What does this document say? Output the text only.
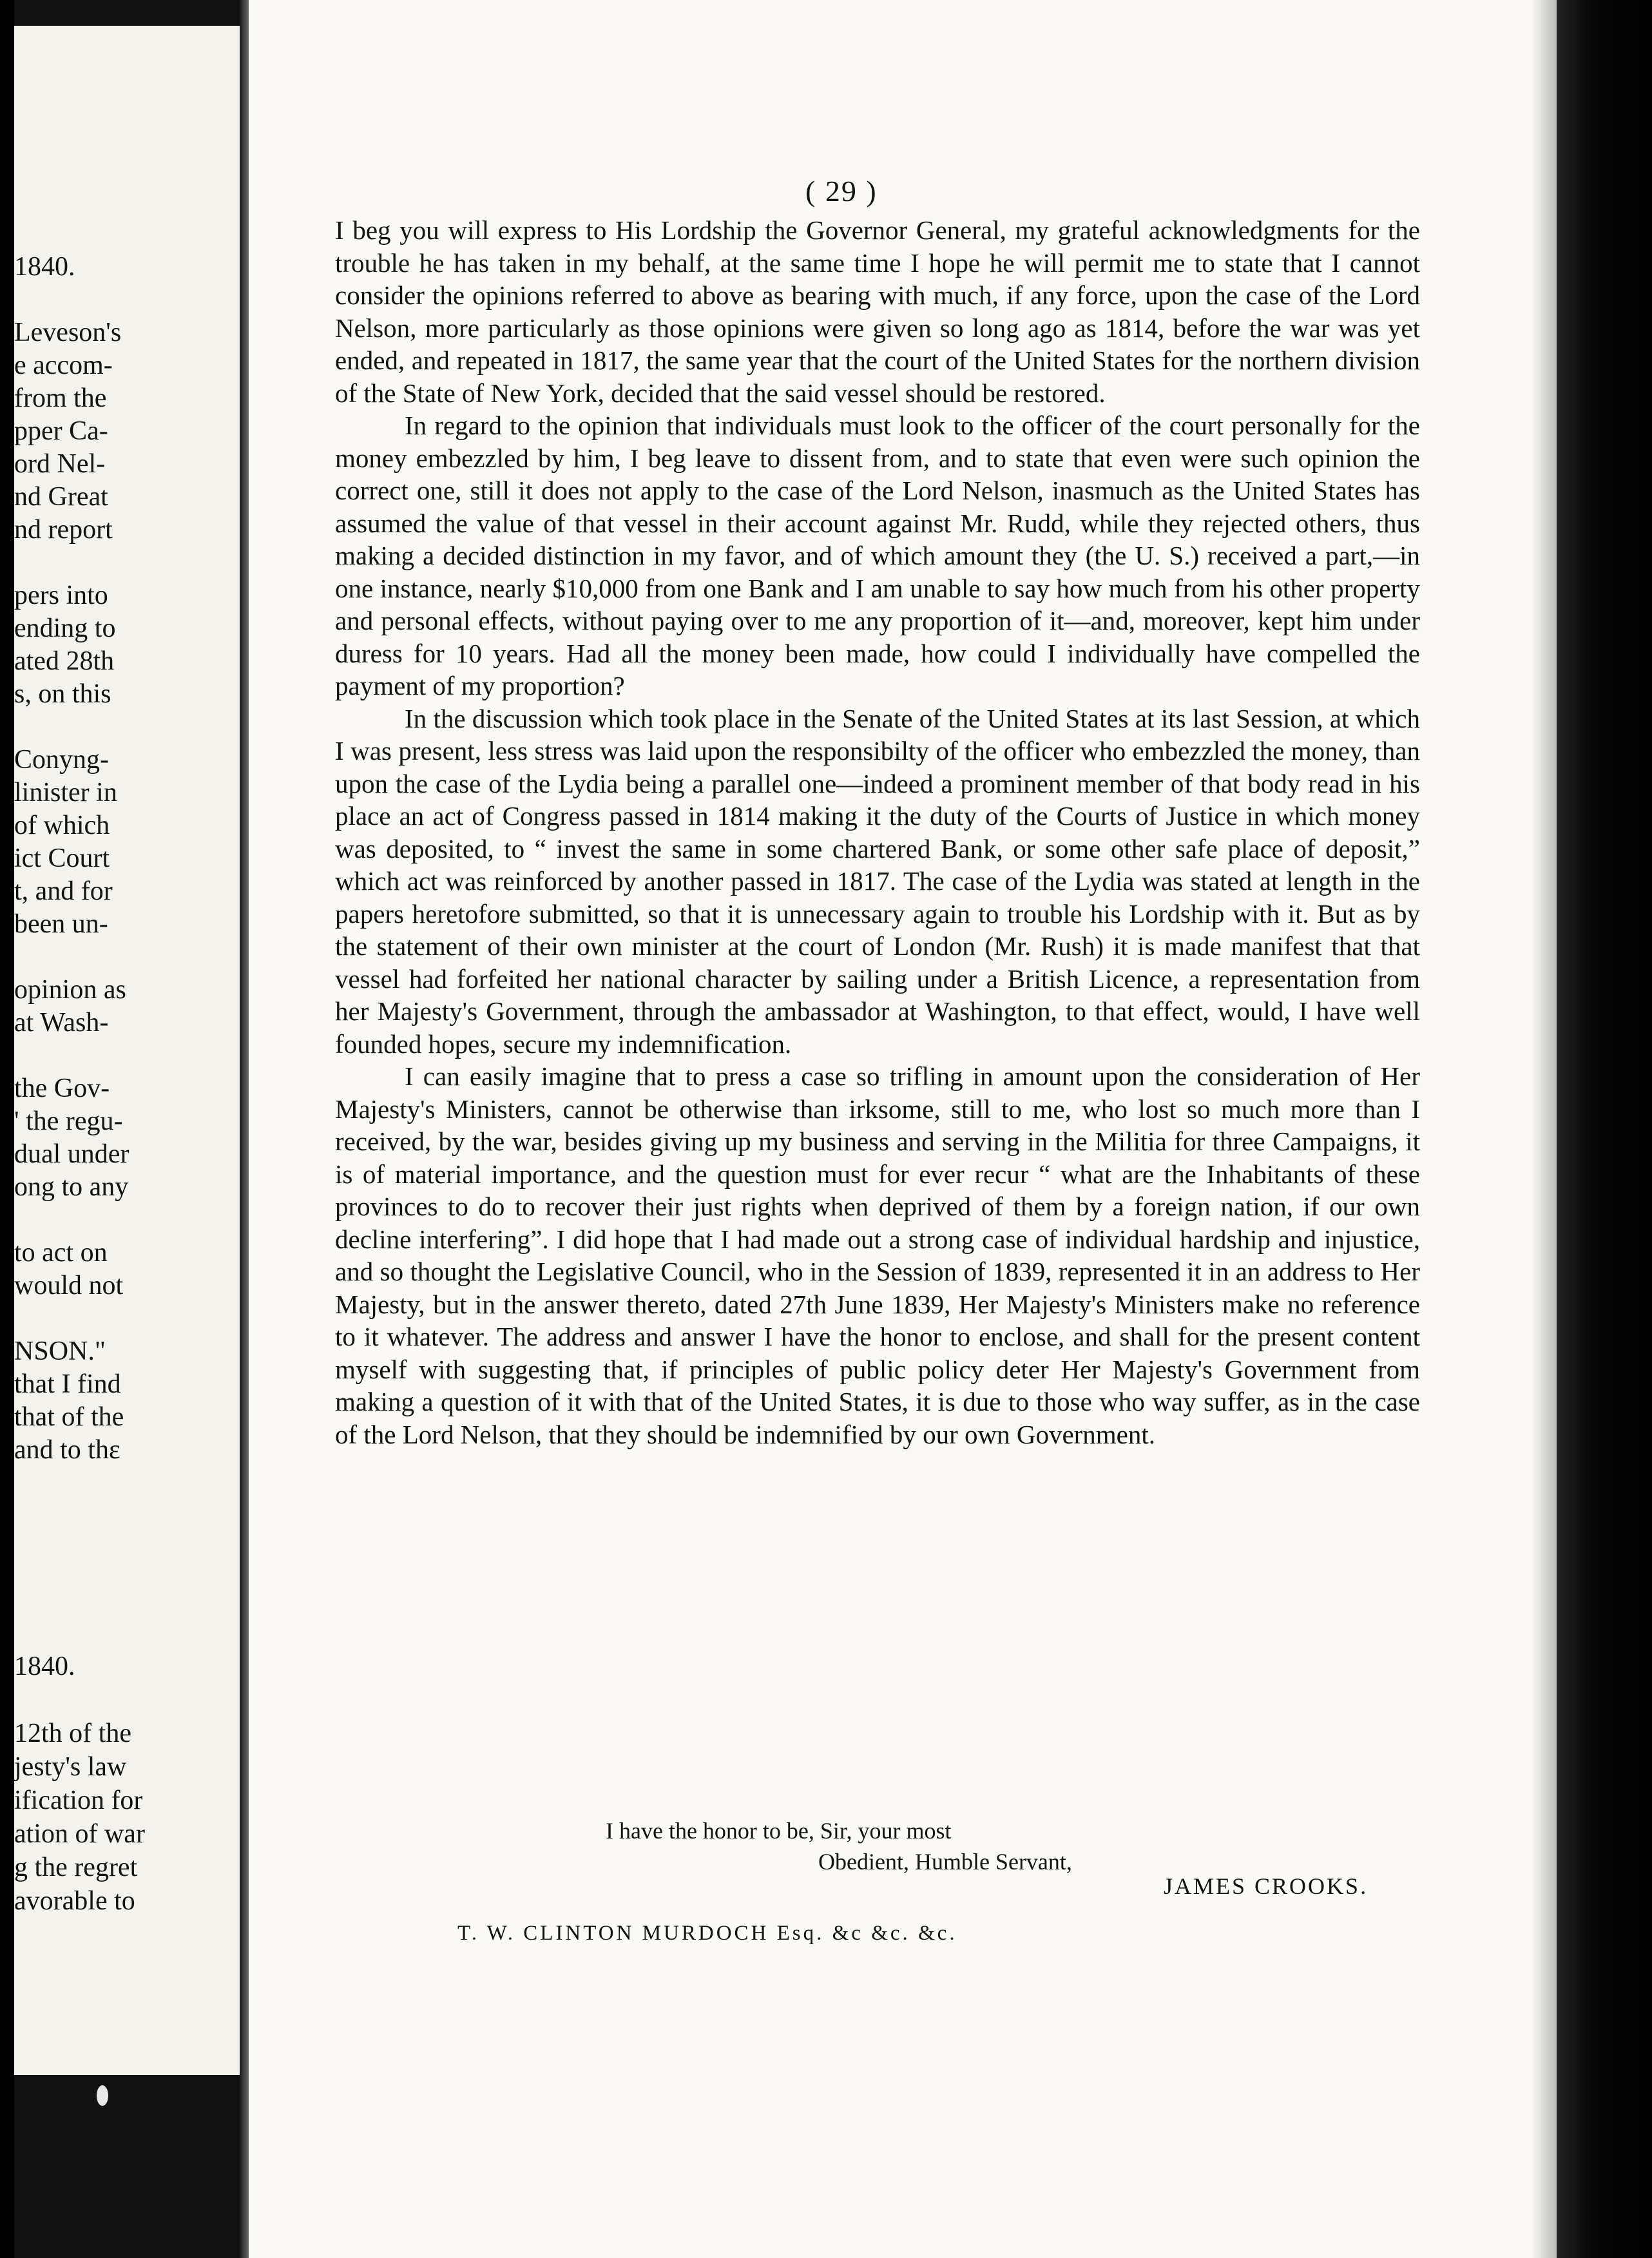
1840.
Leveson's
e accom-
from the
pper Ca-
ord Nel-
nd Great
nd report
pers into
ending to
ated 28th
s, on this
Conyng-
linister in
of which
ict Court
t, and for
been un-
opinion as
at Wash-
the Gov-
' the regu-
dual under
ong to any
to act on
would not
NSON."
that I find
that of the
and to thɛ
1840.
12th of the
jesty's law
ification for
ation of war
g the regret
avorable to
( 29 )

I beg you will express to His Lordship the Governor General, my grateful acknowledgments for the trouble he has taken in my behalf, at the same time I hope he will permit me to state that I cannot consider the opinions referred to above as bearing with much, if any force, upon the case of the Lord Nelson, more particularly as those opinions were given so long ago as 1814, before the war was yet ended, and repeated in 1817, the same year that the court of the United States for the northern division of the State of New York, decided that the said vessel should be restored.

In regard to the opinion that individuals must look to the officer of the court personally for the money embezzled by him, I beg leave to dissent from, and to state that even were such opinion the correct one, still it does not apply to the case of the Lord Nelson, inasmuch as the United States has assumed the value of that vessel in their account against Mr. Rudd, while they rejected others, thus making a decided distinction in my favor, and of which amount they (the U. S.) received a part,—in one instance, nearly $10,000 from one Bank and I am unable to say how much from his other property and personal effects, without paying over to me any proportion of it—and, moreover, kept him under duress for 10 years. Had all the money been made, how could I individually have compelled the payment of my proportion?

In the discussion which took place in the Senate of the United States at its last Session, at which I was present, less stress was laid upon the responsibilty of the officer who embezzled the money, than upon the case of the Lydia being a parallel one—indeed a prominent member of that body read in his place an act of Congress passed in 1814 making it the duty of the Courts of Justice in which money was deposited, to “ invest the same in some chartered Bank, or some other safe place of deposit,” which act was reinforced by another passed in 1817. The case of the Lydia was stated at length in the papers heretofore submitted, so that it is unnecessary again to trouble his Lordship with it. But as by the statement of their own minister at the court of London (Mr. Rush) it is made manifest that that vessel had forfeited her national character by sailing under a British Licence, a representation from her Majesty's Government, through the ambassador at Washington, to that effect, would, I have well founded hopes, secure my indemnification.

I can easily imagine that to press a case so trifling in amount upon the consideration of Her Majesty's Ministers, cannot be otherwise than irksome, still to me, who lost so much more than I received, by the war, besides giving up my business and serving in the Militia for three Campaigns, it is of material importance, and the question must for ever recur “ what are the Inhabitants of these provinces to do to recover their just rights when deprived of them by a foreign nation, if our own decline interfering”. I did hope that I had made out a strong case of individual hardship and injustice, and so thought the Legislative Council, who in the Session of 1839, represented it in an address to Her Majesty, but in the answer thereto, dated 27th June 1839, Her Majesty's Ministers make no reference to it whatever. The address and answer I have the honor to enclose, and shall for the present content myself with suggesting that, if principles of public policy deter Her Majesty's Government from making a question of it with that of the United States, it is due to those who way suffer, as in the case of the Lord Nelson, that they should be indemnified by our own Government.

I have the honor to be, Sir, your most
Obedient, Humble Servant,
JAMES CROOKS.
T. W. CLINTON MURDOCH Esq. &c &c. &c.
